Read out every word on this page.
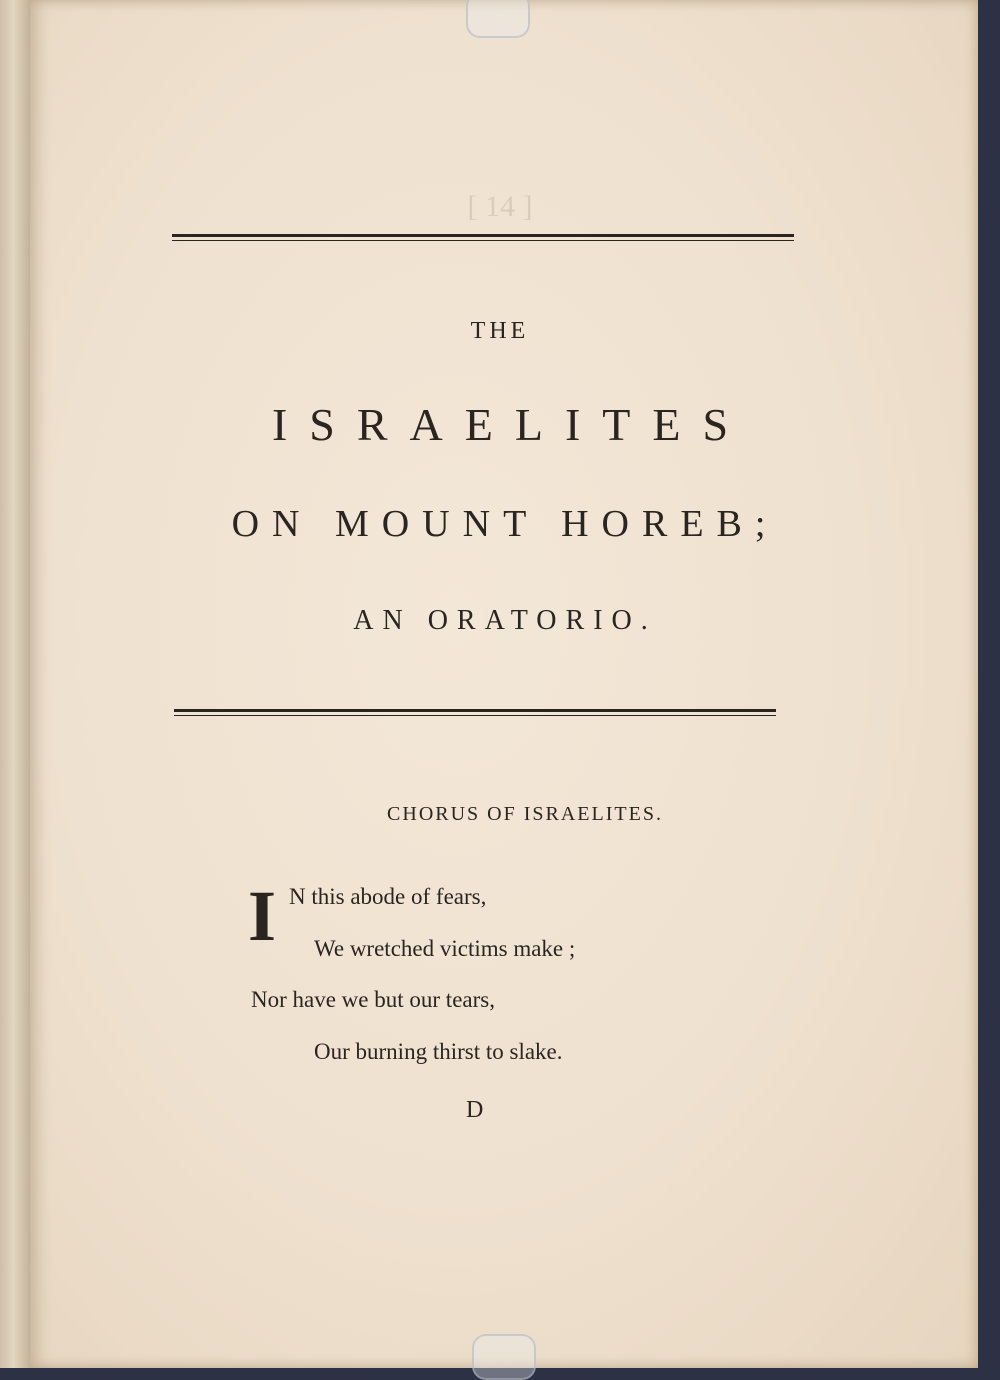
[ 14 ]
THE
ISRAELITES
ON MOUNT HOREB;
AN ORATORIO.
CHORUS OF ISRAELITES.
I N this abode of fears,
We wretched victims make ;
Nor have we but our tears,
Our burning thirst to slake.
D
